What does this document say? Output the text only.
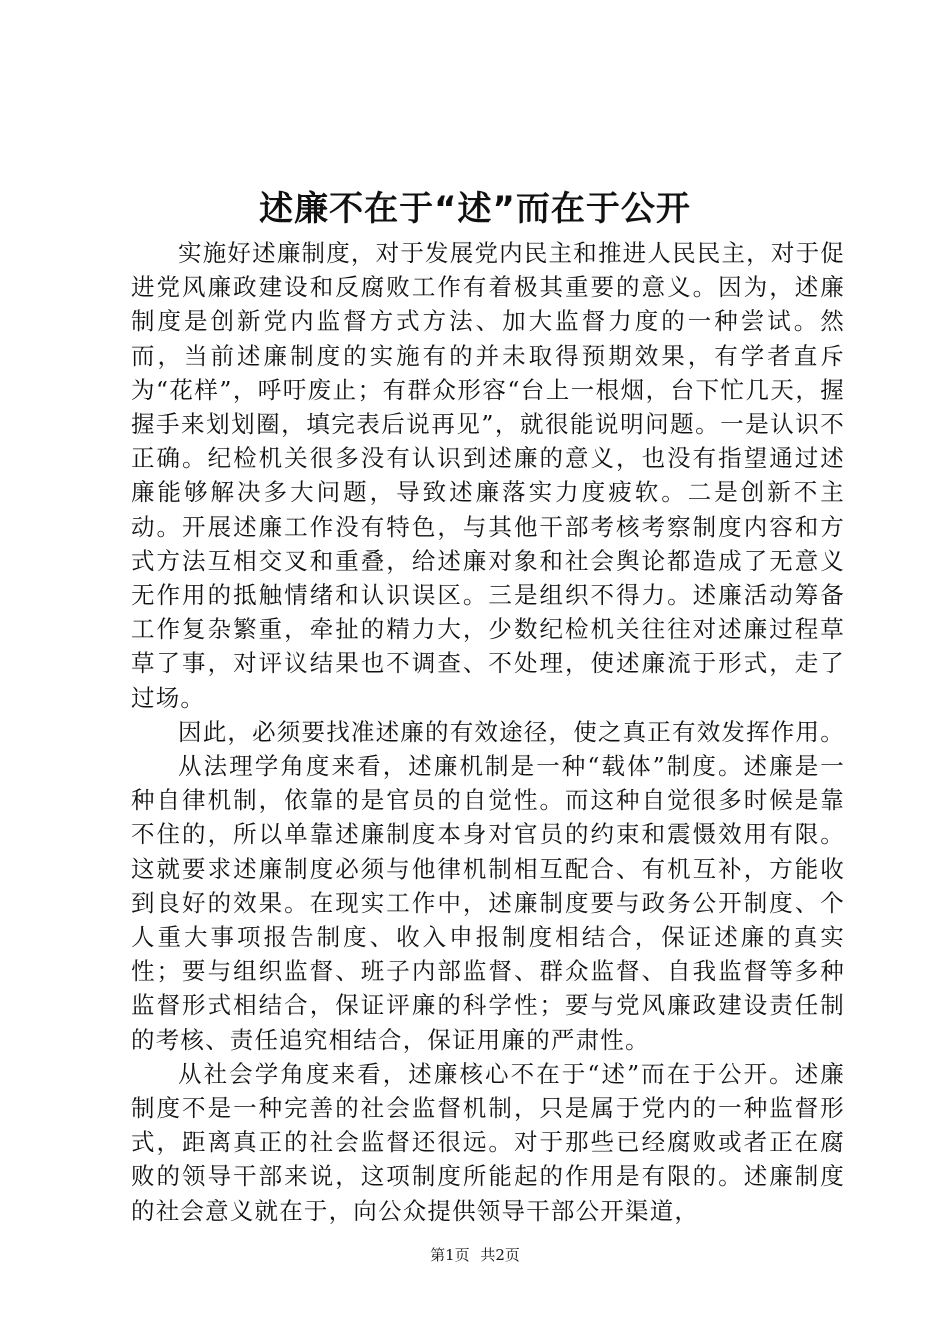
述廉不在于“述”而在于公开

实施好述廉制度，对于发展党内民主和推进人民民主，对于促进党风廉政建设和反腐败工作有着极其重要的意义。因为，述廉制度是创新党内监督方式方法、加大监督力度的一种尝试。然而，当前述廉制度的实施有的并未取得预期效果，有学者直斥为“花样”，呼吁废止；有群众形容“台上一根烟，台下忙几天，握握手来划划圈，填完表后说再见”，就很能说明问题。一是认识不正确。纪检机关很多没有认识到述廉的意义，也没有指望通过述廉能够解决多大问题，导致述廉落实力度疲软。二是创新不主动。开展述廉工作没有特色，与其他干部考核考察制度内容和方式方法互相交叉和重叠，给述廉对象和社会舆论都造成了无意义无作用的抵触情绪和认识误区。三是组织不得力。述廉活动筹备工作复杂繁重，牵扯的精力大，少数纪检机关往往对述廉过程草草了事，对评议结果也不调查、不处理，使述廉流于形式，走了过场。

因此，必须要找准述廉的有效途径，使之真正有效发挥作用。

从法理学角度来看，述廉机制是一种“载体”制度。述廉是一种自律机制，依靠的是官员的自觉性。而这种自觉很多时候是靠不住的，所以单靠述廉制度本身对官员的约束和震慑效用有限。这就要求述廉制度必须与他律机制相互配合、有机互补，方能收到良好的效果。在现实工作中，述廉制度要与政务公开制度、个人重大事项报告制度、收入申报制度相结合，保证述廉的真实性；要与组织监督、班子内部监督、群众监督、自我监督等多种监督形式相结合，保证评廉的科学性；要与党风廉政建设责任制的考核、责任追究相结合，保证用廉的严肃性。

从社会学角度来看，述廉核心不在于“述”而在于公开。述廉制度不是一种完善的社会监督机制，只是属于党内的一种监督形式，距离真正的社会监督还很远。对于那些已经腐败或者正在腐败的领导干部来说，这项制度所能起的作用是有限的。述廉制度的社会意义就在于，向公众提供领导干部公开渠道，

第1页 共2页
